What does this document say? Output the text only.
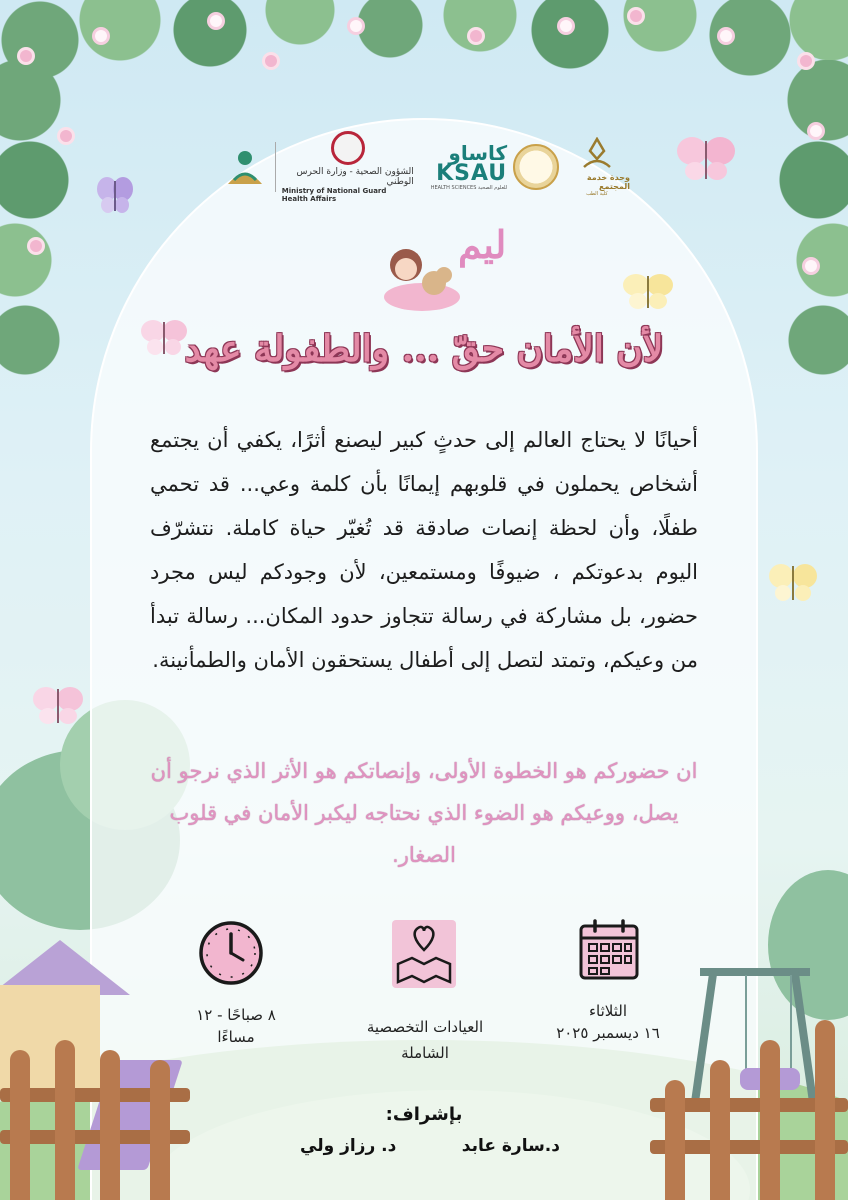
الشؤون الصحية - وزارة الحرس الوطني
Ministry of National Guard Health Affairs
كاساو
KSAU
HEALTH SCIENCES للعلوم الصحية
وحدة خدمة المجتمع
كلية الطب
ليم
لأن الأمان حقّ ... والطفولة عهد
أحيانًا لا يحتاج العالم إلى حدثٍ كبير ليصنع أثرًا، يكفي أن يجتمع أشخاص يحملون في قلوبهم إيمانًا بأن كلمة وعي... قد تحمي طفلًا، وأن لحظة إنصات صادقة قد تُغيّر حياة كاملة. نتشرّف اليوم بدعوتكم ، ضيوفًا ومستمعين، لأن وجودكم ليس مجرد حضور، بل مشاركة في رسالة تتجاوز حدود المكان... رسالة تبدأ من وعيكم، وتمتد لتصل إلى أطفال يستحقون الأمان والطمأنينة.
ان حضوركم هو الخطوة الأولى، وإنصاتكم هو الأثر الذي نرجو أن يصل، ووعيكم هو الضوء الذي نحتاجه ليكبر الأمان في قلوب الصغار.
٨ صباحًا - ١٢ مساءًا
العيادات التخصصية
الشاملة
الثلاثاء
١٦ ديسمبر ٢٠٢٥
بإشراف:
د.سارة عابد
د. رزاز ولي
